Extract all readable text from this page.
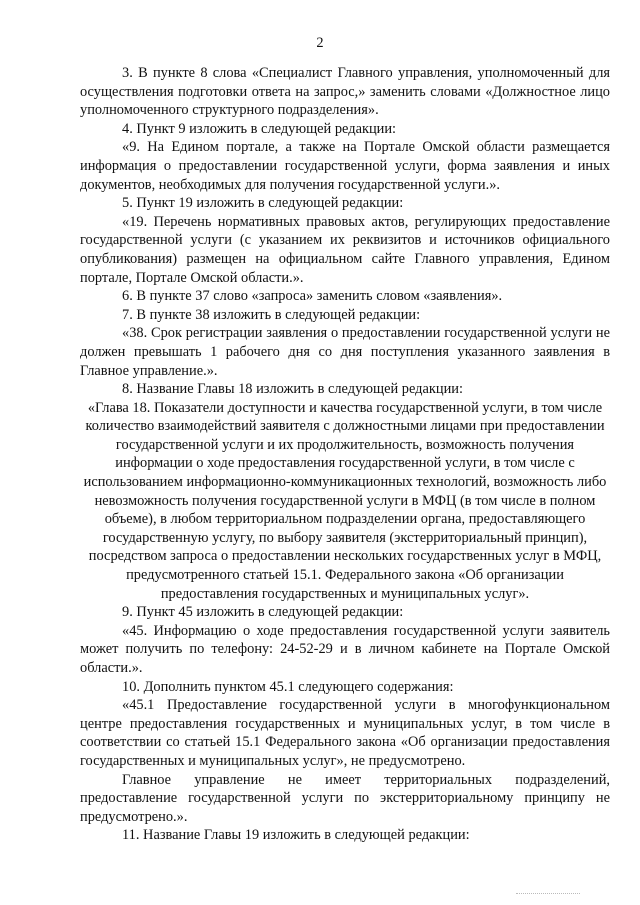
2

3. В пункте 8 слова «Специалист Главного управления, уполномоченный для осуществления подготовки ответа на запрос,» заменить словами «Должностное лицо уполномоченного структурного подразделения».

4. Пункт 9 изложить в следующей редакции:

«9. На Едином портале, а также на Портале Омской области размещается информация о предоставлении государственной услуги, форма заявления и иных документов, необходимых для получения государственной услуги.».

5. Пункт 19 изложить в следующей редакции:

«19. Перечень нормативных правовых актов, регулирующих предоставление государственной услуги (с указанием их реквизитов и источников официального опубликования) размещен на официальном сайте Главного управления, Едином портале, Портале Омской области.».

6. В пункте 37 слово «запроса» заменить словом «заявления».

7. В пункте 38 изложить в следующей редакции:

«38. Срок регистрации заявления о предоставлении государственной услуги не должен превышать 1 рабочего дня со дня поступления указанного заявления в Главное управление.».

8. Название Главы 18 изложить в следующей редакции:

«Глава 18. Показатели доступности и качества государственной услуги, в том числе количество взаимодействий заявителя с должностными лицами при предоставлении государственной услуги и их продолжительность, возможность получения информации о ходе предоставления государственной услуги, в том числе с использованием информационно-коммуникационных технологий, возможность либо невозможность получения государственной услуги в МФЦ (в том числе в полном объеме), в любом территориальном подразделении органа, предоставляющего государственную услугу, по выбору заявителя (экстерриториальный принцип), посредством запроса о предоставлении нескольких государственных услуг в МФЦ, предусмотренного статьей 15.1. Федерального закона «Об организации предоставления государственных и муниципальных услуг».

9. Пункт 45 изложить в следующей редакции:

«45. Информацию о ходе предоставления государственной услуги заявитель может получить по телефону: 24-52-29 и в личном кабинете на Портале Омской области.».

10. Дополнить пунктом 45.1 следующего содержания:

«45.1 Предоставление государственной услуги в многофункциональном центре предоставления государственных и муниципальных услуг, в том числе в соответствии со статьей 15.1 Федерального закона «Об организации предоставления государственных и муниципальных услуг», не предусмотрено.

Главное управление не имеет территориальных подразделений, предоставление государственной услуги по экстерриториальному принципу не предусмотрено.».

11. Название Главы 19 изложить в следующей редакции:
